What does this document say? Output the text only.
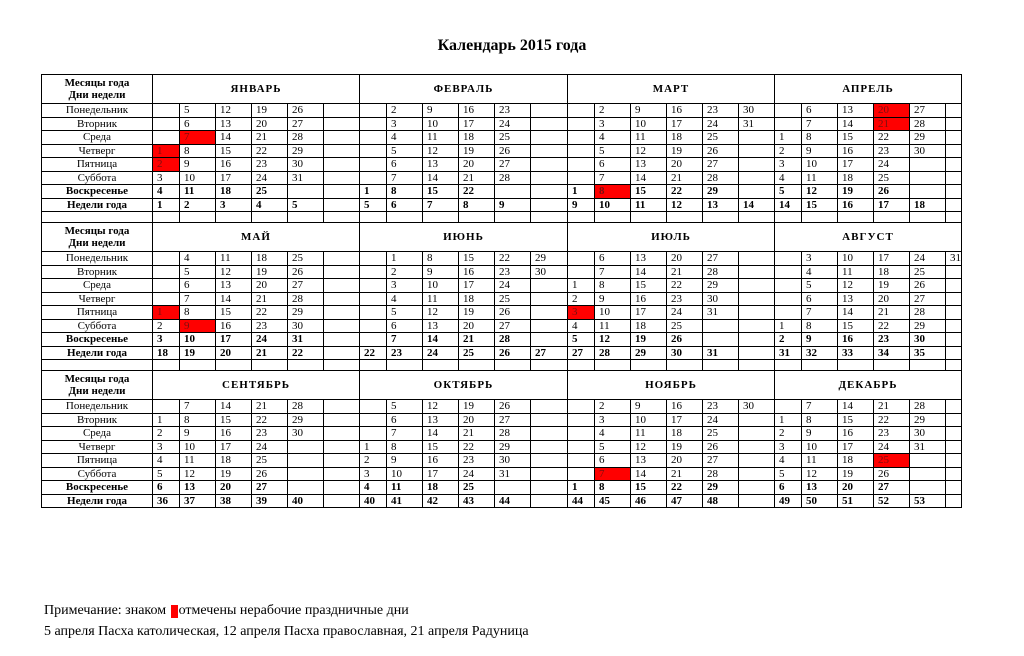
Календарь 2015 года
Месяцы года
Дни недели	ЯНВАРЬ						ФЕВРАЛЬ						МАРТ						АПРЕЛЬ					
Понедельник		5	12	19	26			2	9	16	23			2	9	16	23	30		6	13	20	27	
Вторник		6	13	20	27			3	10	17	24			3	10	17	24	31		7	14	21	28	
Среда		7	14	21	28			4	11	18	25			4	11	18	25		1	8	15	22	29	
Четверг	1	8	15	22	29			5	12	19	26			5	12	19	26		2	9	16	23	30	
Пятница	2	9	16	23	30			6	13	20	27			6	13	20	27		3	10	17	24		
Суббота	3	10	17	24	31			7	14	21	28			7	14	21	28		4	11	18	25		
Воскресенье	4	11	18	25			1	8	15	22			1	8	15	22	29		5	12	19	26		
Недели года	1	2	3	4	5		5	6	7	8	9		9	10	11	12	13	14	14	15	16	17	18	

Месяцы года
Дни недели	МАЙ						ИЮНЬ						ИЮЛЬ						АВГУСТ					
Понедельник		4	11	18	25			1	8	15	22	29		6	13	20	27			3	10	17	24	31
Вторник		5	12	19	26			2	9	16	23	30		7	14	21	28			4	11	18	25	
Среда		6	13	20	27			3	10	17	24		1	8	15	22	29			5	12	19	26	
Четверг		7	14	21	28			4	11	18	25		2	9	16	23	30			6	13	20	27	
Пятница	1	8	15	22	29			5	12	19	26		3	10	17	24	31			7	14	21	28	
Суббота	2	9	16	23	30			6	13	20	27		4	11	18	25			1	8	15	22	29	
Воскресенье	3	10	17	24	31			7	14	21	28		5	12	19	26			2	9	16	23	30	
Недели года	18	19	20	21	22		22	23	24	25	26	27	27	28	29	30	31		31	32	33	34	35	

Месяцы года
Дни недели	СЕНТЯБРЬ						ОКТЯБРЬ						НОЯБРЬ						ДЕКАБРЬ					
Понедельник		7	14	21	28			5	12	19	26			2	9	16	23	30		7	14	21	28	
Вторник	1	8	15	22	29			6	13	20	27			3	10	17	24		1	8	15	22	29	
Среда	2	9	16	23	30			7	14	21	28			4	11	18	25		2	9	16	23	30	
Четверг	3	10	17	24			1	8	15	22	29			5	12	19	26		3	10	17	24	31	
Пятница	4	11	18	25			2	9	16	23	30			6	13	20	27		4	11	18	25		
Суббота	5	12	19	26			3	10	17	24	31			7	14	21	28		5	12	19	26		
Воскресенье	6	13	20	27			4	11	18	25			1	8	15	22	29		6	13	20	27		
Недели года	36	37	38	39	40		40	41	42	43	44		44	45	46	47	48		49	50	51	52	53	
Примечание: знаком отмечены нерабочие праздничные дни
5 апреля Пасха католическая, 12 апреля Пасха православная, 21 апреля Радуница
